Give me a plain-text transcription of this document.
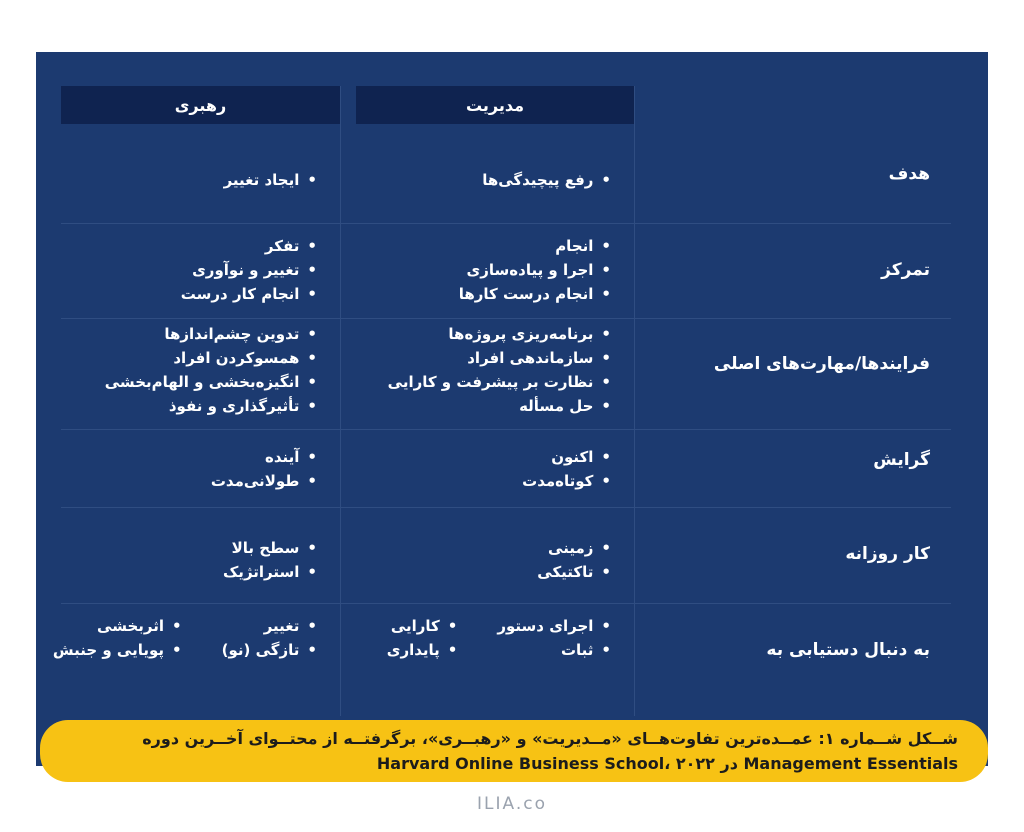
رهبری	مدیریت
هدف
• رفع پیچیدگی‌ها
• ایجاد تغییر
تمرکز
• انجام
• اجرا و پیاده‌سازی
• انجام درست کارها
• تفکر
• تغییر و نوآوری
• انجام کار درست
فرایندها/مهارت‌های اصلی
• برنامه‌ریزی پروژه‌ها
• سازماندهی افراد
• نظارت بر پیشرفت و کارایی
• حل مسأله
• تدوین چشم‌اندازها
• همسوکردن افراد
• انگیزه‌بخشی و الهام‌بخشی
• تأثیرگذاری و نفوذ
گرایش
• اکنون
• کوتاه‌مدت
• آینده
• طولانی‌مدت
کار روزانه
• زمینی
• تاکتیکی
• سطح بالا
• استراتژیک
به دنبال دستیابی به
• اجرای دستور
• ثبات
• کارایی
• پایداری
• تغییر
• تازگی (نو)
• اثربخشی
• پویایی و جنبش
شــکل شــماره ۱: عمــده‌ترین تفاوت‌هــای «مــدیریت» و «رهبــری»، برگرفتــه از محتــوای آخــرین دوره
Management Essentials در Harvard Online Business School، ۲۰۲۲
ILIA.co
